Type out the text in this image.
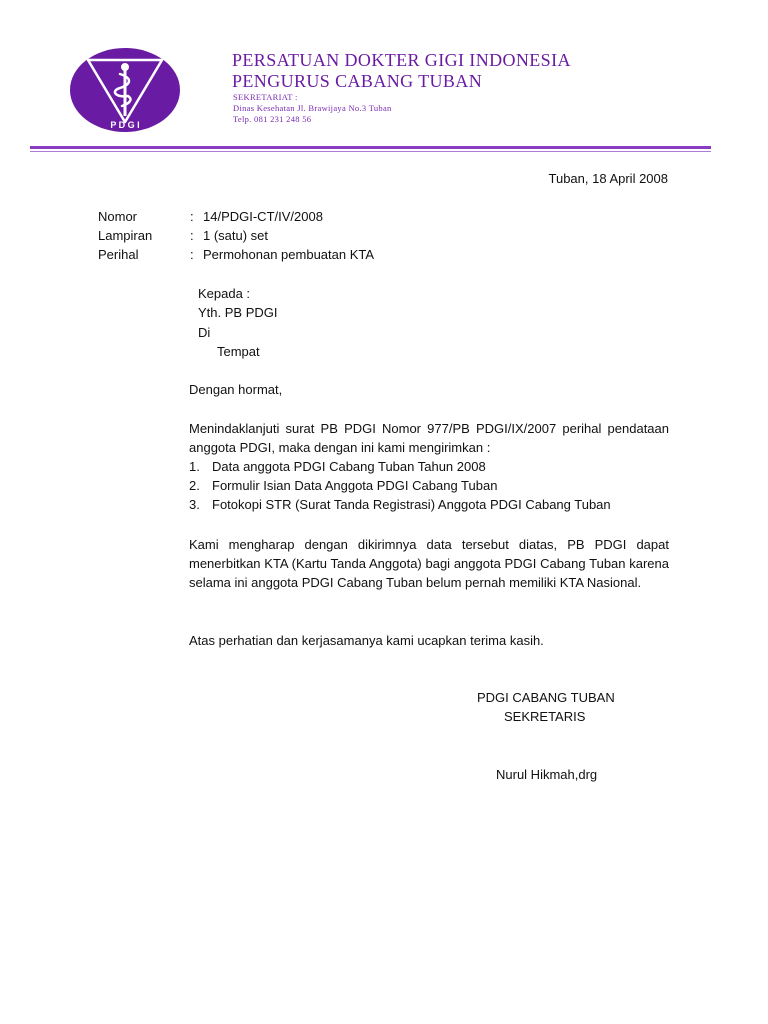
P D G I
PERSATUAN DOKTER GIGI INDONESIA
PENGURUS CABANG TUBAN
SEKRETARIAT :
Dinas Kesehatan Jl. Brawijaya No.3 Tuban
Telp. 081 231 248 56
Tuban, 18 April 2008
Nomor	: 14/PDGI-CT/IV/2008
Lampiran	: 1 (satu) set
Perihal	: Permohonan pembuatan KTA
Kepada :
Yth. PB PDGI
Di
Tempat
Dengan hormat,
Menindaklanjuti surat PB PDGI Nomor 977/PB PDGI/IX/2007 perihal pendataan anggota PDGI, maka dengan ini kami mengirimkan :
1. Data anggota PDGI Cabang Tuban Tahun 2008
2. Formulir Isian Data Anggota PDGI Cabang Tuban
3. Fotokopi STR (Surat Tanda Registrasi) Anggota PDGI Cabang Tuban
Kami mengharap dengan dikirimnya data tersebut diatas, PB PDGI dapat menerbitkan KTA (Kartu Tanda Anggota) bagi anggota PDGI Cabang Tuban karena selama ini anggota PDGI Cabang Tuban belum pernah memiliki KTA Nasional.
Atas perhatian dan kerjasamanya kami ucapkan terima kasih.
PDGI CABANG TUBAN
SEKRETARIS
Nurul Hikmah,drg
